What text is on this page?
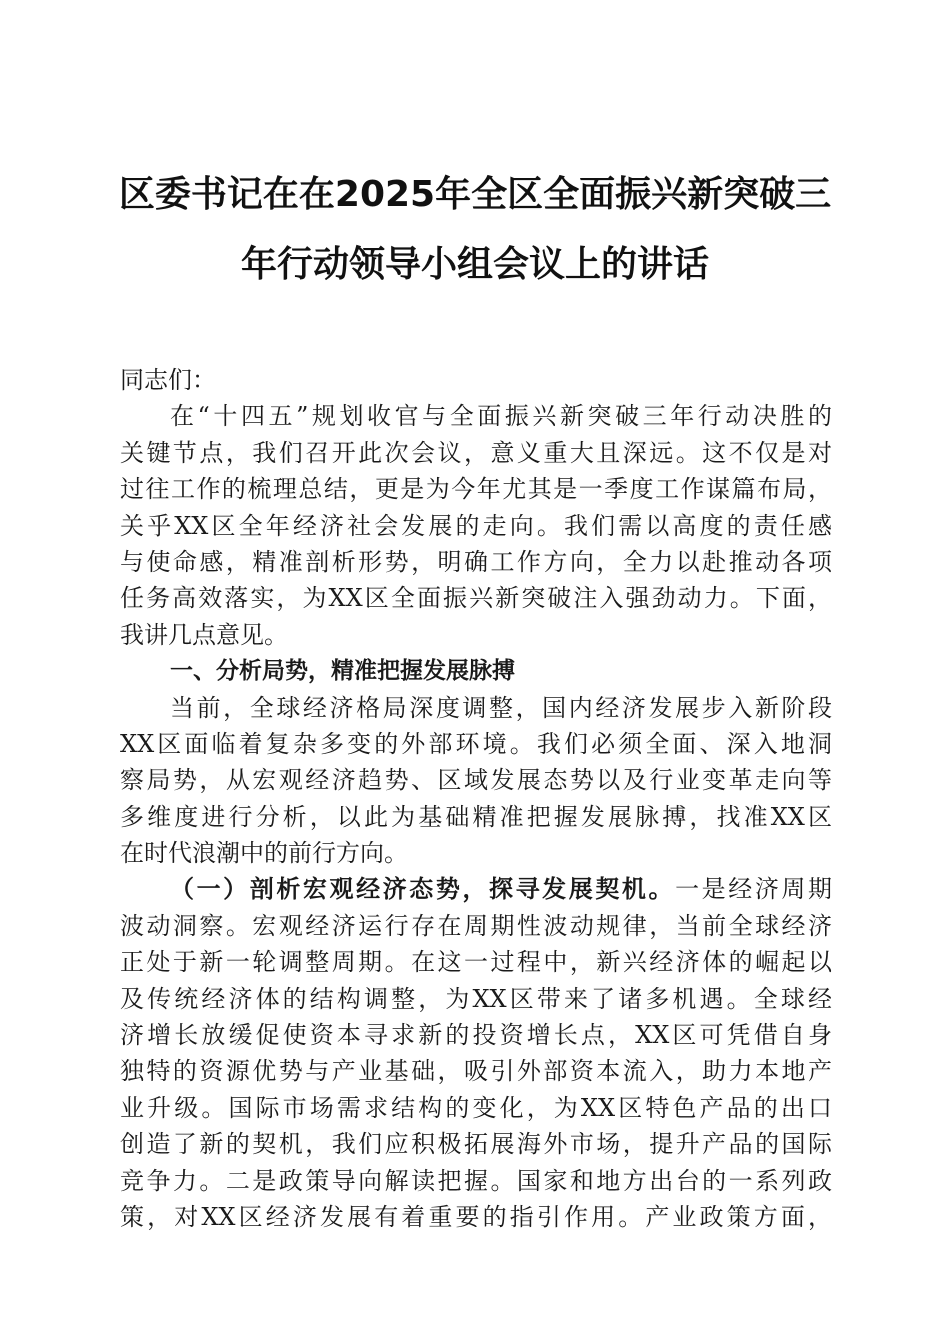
区委书记在在2025年全区全面振兴新突破三
年行动领导小组会议上的讲话
同志们：
在“十四五”规划收官与全面振兴新突破三年行动决胜的
关键节点，我们召开此次会议，意义重大且深远。这不仅是对
过往工作的梳理总结，更是为今年尤其是一季度工作谋篇布局，
关乎XX区全年经济社会发展的走向。我们需以高度的责任感
与使命感，精准剖析形势，明确工作方向，全力以赴推动各项
任务高效落实，为XX区全面振兴新突破注入强劲动力。下面，
我讲几点意见。
一、分析局势，精准把握发展脉搏
当前，全球经济格局深度调整，国内经济发展步入新阶段
XX区面临着复杂多变的外部环境。我们必须全面、深入地洞
察局势，从宏观经济趋势、区域发展态势以及行业变革走向等
多维度进行分析，以此为基础精准把握发展脉搏，找准XX区
在时代浪潮中的前行方向。
（一）剖析宏观经济态势，探寻发展契机。一是经济周期
波动洞察。宏观经济运行存在周期性波动规律，当前全球经济
正处于新一轮调整周期。在这一过程中，新兴经济体的崛起以
及传统经济体的结构调整，为XX区带来了诸多机遇。全球经
济增长放缓促使资本寻求新的投资增长点，XX区可凭借自身
独特的资源优势与产业基础，吸引外部资本流入，助力本地产
业升级。国际市场需求结构的变化，为XX区特色产品的出口
创造了新的契机，我们应积极拓展海外市场，提升产品的国际
竞争力。二是政策导向解读把握。国家和地方出台的一系列政
策，对XX区经济发展有着重要的指引作用。产业政策方面，
